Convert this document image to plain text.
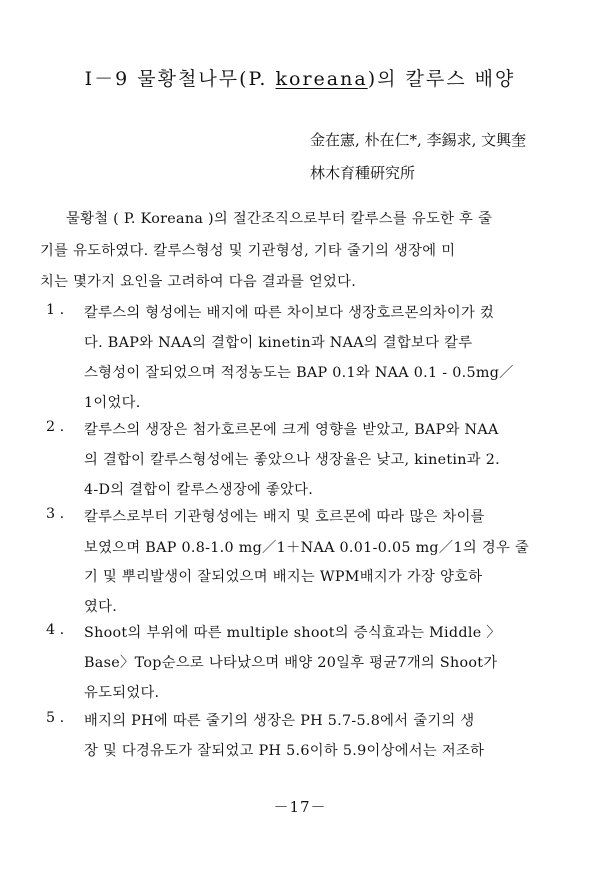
Ⅰ－9 물황철나무(P. koreana)의 칼루스 배양
金在憲, 朴在仁*, 李錫求, 文興奎
林木育種硏究所
물황철 ( P. Koreana )의 절간조직으로부터 칼루스를 유도한 후 줄
기를 유도하였다. 칼루스형성 및 기관형성, 기타 줄기의 생장에 미
치는 몇가지 요인을 고려하여 다음 결과를 얻었다.
1 . 칼루스의 형성에는 배지에 따른 차이보다 생장호르몬의차이가 컸
다. BAP와 NAA의 결합이 kinetin과 NAA의 결합보다 칼루
스형성이 잘되었으며 적정농도는 BAP 0.1와 NAA 0.1 - 0.5mg／
1이었다.
2 . 칼루스의 생장은 첨가호르몬에 크게 영향을 받았고, BAP와 NAA
의 결합이 칼루스형성에는 좋았으나 생장율은 낮고, kinetin과 2.
4-D의 결합이 칼루스생장에 좋았다.
3 . 칼루스로부터 기관형성에는 배지 및 호르몬에 따라 많은 차이를
보였으며 BAP 0.8-1.0 mg／1＋NAA 0.01-0.05 mg／1의 경우 줄
기 및 뿌리발생이 잘되었으며 배지는 WPM배지가 가장 양호하
였다.
4 . Shoot의 부위에 따른 multiple shoot의 증식효과는 Middle 〉
Base〉Top순으로 나타났으며 배양 20일후 평균7개의 Shoot가
유도되었다.
5 . 배지의 PH에 따른 줄기의 생장은 PH 5.7-5.8에서 줄기의 생
장 및 다경유도가 잘되었고 PH 5.6이하 5.9이상에서는 저조하
－17－
